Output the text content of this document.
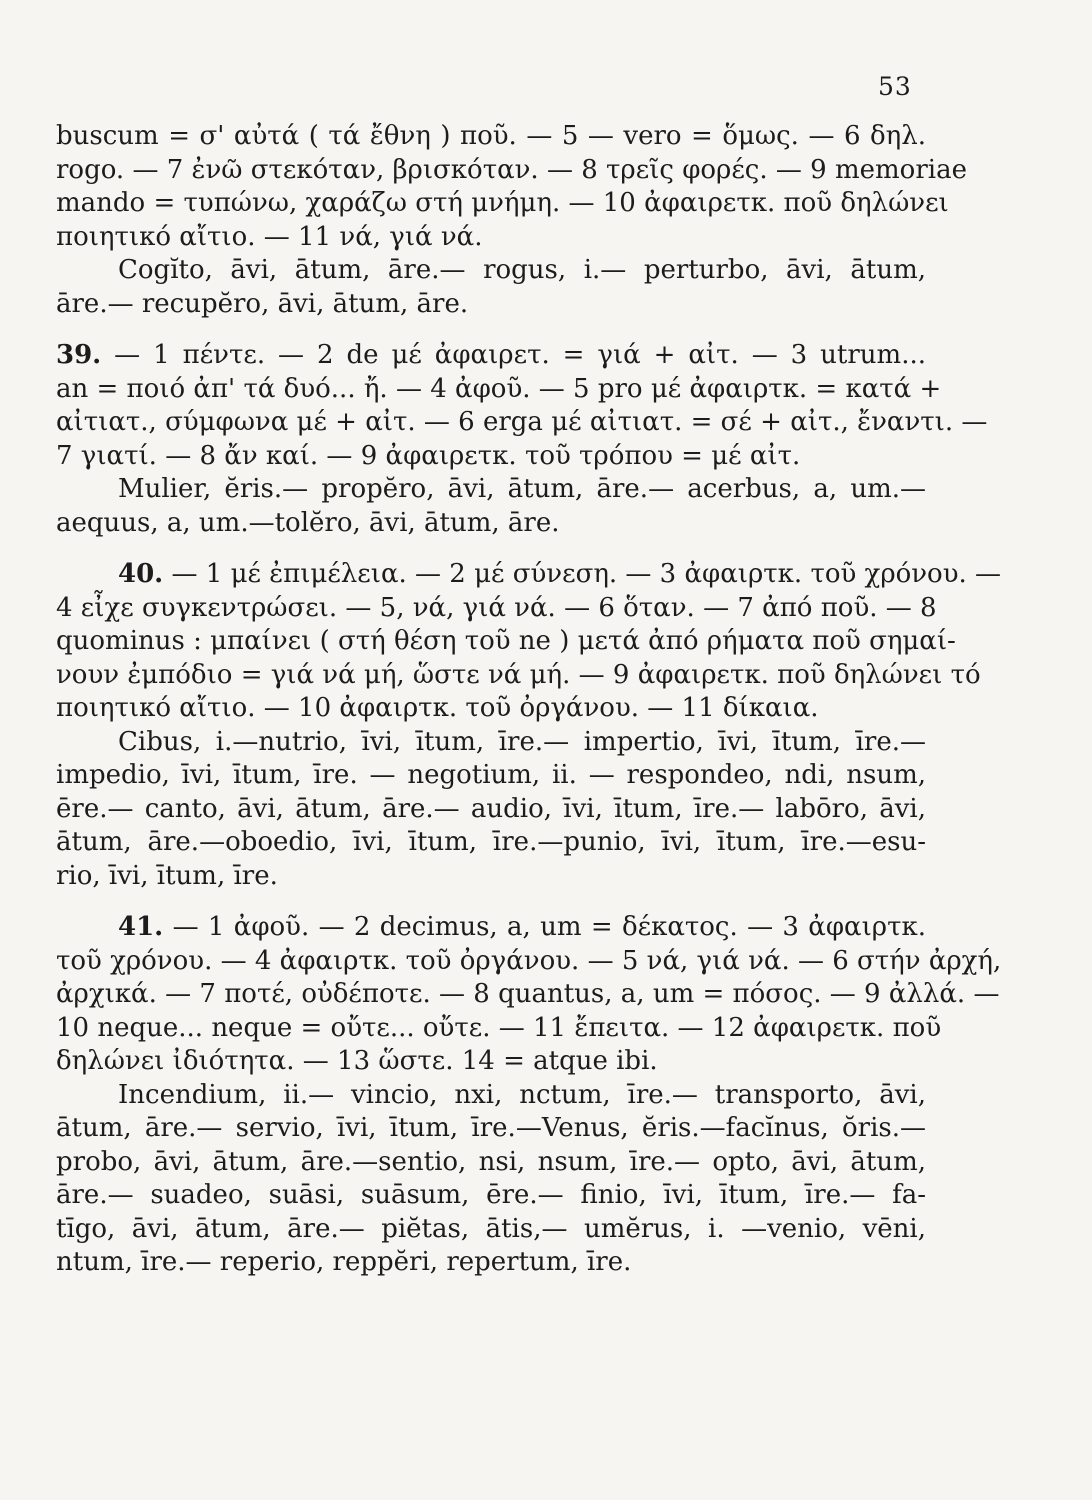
53
buscum = σ' αὐτά ( τά ἔθνη ) ποῦ. — 5 — vero = ὅμως. — 6 δηλ.
rogo. — 7 ἐνῶ στεκόταν, βρισκόταν. — 8 τρεῖς φορές. — 9 memoriae
mando = τυπώνω, χαράζω στή μνήμη. — 10 ἀφαιρετκ. ποῦ δηλώνει
ποιητικό αἴτιο. — 11 νά, γιά νά.
Cogĭto, āvi, ātum, āre.— rogus, i.— perturbo, āvi, ātum,
āre.— recupĕro, āvi, ātum, āre.
39. — 1 πέντε. — 2 de μέ ἀφαιρετ. = γιά + αἰτ. — 3 utrum...
an = ποιό ἀπ' τά δυό... ἤ. — 4 ἀφοῦ. — 5 pro μέ ἀφαιρτκ. = κατά +
αἰτιατ., σύμφωνα μέ + αἰτ. — 6 erga μέ αἰτιατ. = σέ + αἰτ., ἔναντι. —
7 γιατί. — 8 ἄν καί. — 9 ἀφαιρετκ. τοῦ τρόπου = μέ αἰτ.
Mulier, ĕris.— propĕro, āvi, ātum, āre.— acerbus, a, um.—
aequus, a, um.—tolĕro, āvi, ātum, āre.
40. — 1 μέ ἐπιμέλεια. — 2 μέ σύνεση. — 3 ἀφαιρτκ. τοῦ χρόνου. —
4 εἶχε συγκεντρώσει. — 5, νά, γιά νά. — 6 ὅταν. — 7 ἀπό ποῦ. — 8
quominus : μπαίνει ( στή θέση τοῦ ne ) μετά ἀπό ρήματα ποῦ σημαί-
νουν ἐμπόδιο = γιά νά μή, ὥστε νά μή. — 9 ἀφαιρετκ. ποῦ δηλώνει τό
ποιητικό αἴτιο. — 10 ἀφαιρτκ. τοῦ ὀργάνου. — 11 δίκαια.
Cibus, i.—nutrio, īvi, ītum, īre.— impertio, īvi, ītum, īre.—
impedio, īvi, ītum, īre. — negotium, ii. — respondeo, ndi, nsum,
ēre.— canto, āvi, ātum, āre.— audio, īvi, ītum, īre.— labōro, āvi,
ātum, āre.—oboedio, īvi, ītum, īre.—punio, īvi, ītum, īre.—esu-
rio, īvi, ītum, īre.
41. — 1 ἀφοῦ. — 2 decimus, a, um = δέκατος. — 3 ἀφαιρτκ.
τοῦ χρόνου. — 4 ἀφαιρτκ. τοῦ ὀργάνου. — 5 νά, γιά νά. — 6 στήν ἀρχή,
ἀρχικά. — 7 ποτέ, οὐδέποτε. — 8 quantus, a, um = πόσος. — 9 ἀλλά. —
10 neque... neque = οὔτε... οὔτε. — 11 ἔπειτα. — 12 ἀφαιρετκ. ποῦ
δηλώνει ἰδιότητα. — 13 ὥστε. 14 = atque ibi.
Incendium, ii.— vincio, nxi, nctum, īre.— transporto, āvi,
ātum, āre.— servio, īvi, ītum, īre.—Venus, ĕris.—facĭnus, ŏris.—
probo, āvi, ātum, āre.—sentio, nsi, nsum, īre.— opto, āvi, ātum,
āre.— suadeo, suāsi, suāsum, ēre.— finio, īvi, ītum, īre.— fa-
tīgo, āvi, ātum, āre.— piĕtas, ātis,— umĕrus, i. —venio, vēni,
ntum, īre.— reperio, reppĕri, repertum, īre.
